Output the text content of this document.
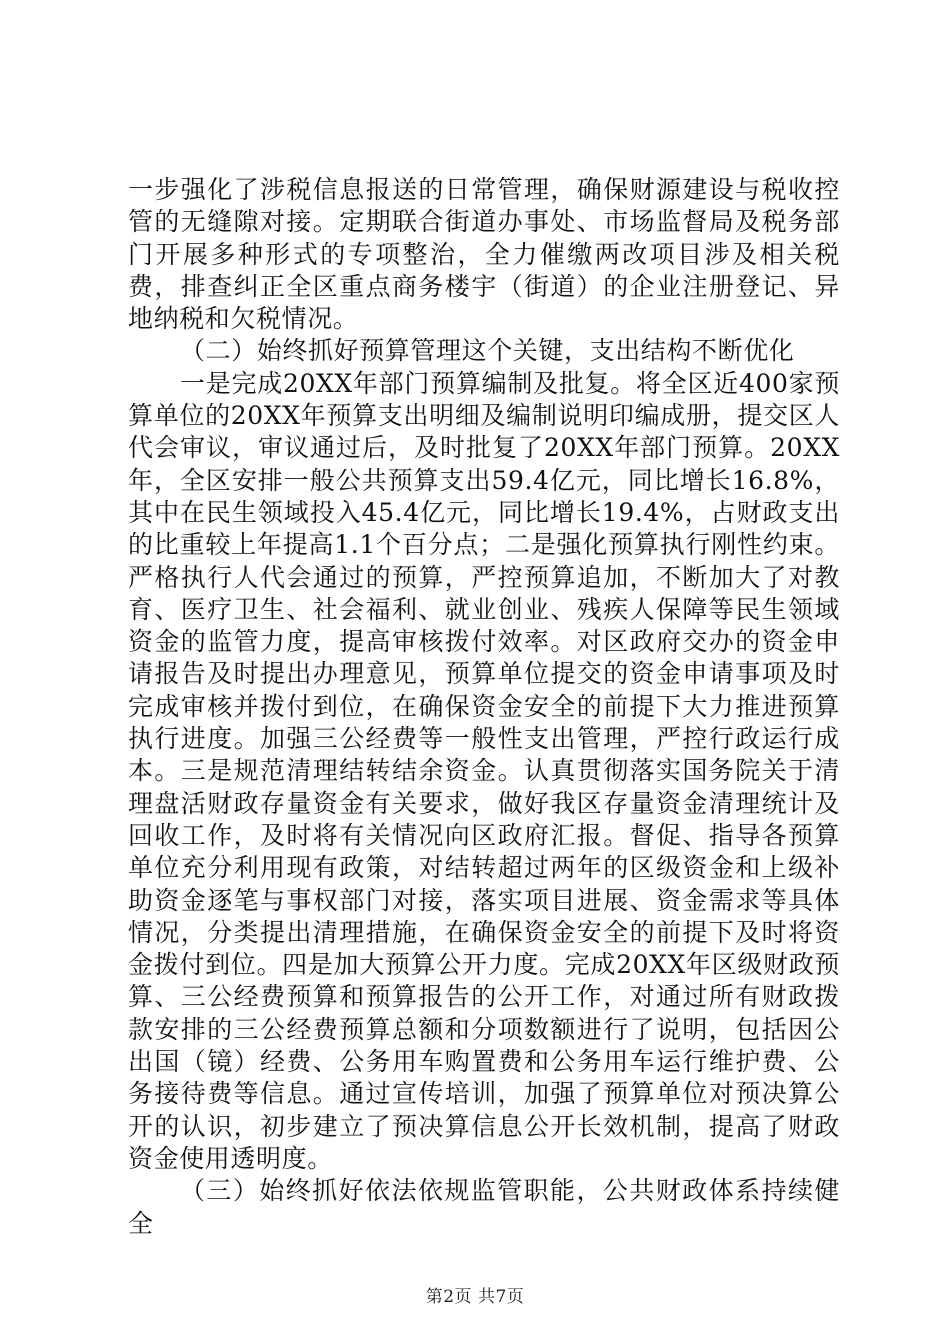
一步强化了涉税信息报送的日常管理，确保财源建设与税收控管的无缝隙对接。定期联合街道办事处、市场监督局及税务部门开展多种形式的专项整治，全力催缴两改项目涉及相关税费，排查纠正全区重点商务楼宇（街道）的企业注册登记、异地纳税和欠税情况。

（二）始终抓好预算管理这个关键，支出结构不断优化

一是完成20XX年部门预算编制及批复。将全区近400家预算单位的20XX年预算支出明细及编制说明印编成册，提交区人代会审议，审议通过后，及时批复了20XX年部门预算。20XX年，全区安排一般公共预算支出59.4亿元，同比增长16.8%，其中在民生领域投入45.4亿元，同比增长19.4%，占财政支出的比重较上年提高1.1个百分点；二是强化预算执行刚性约束。严格执行人代会通过的预算，严控预算追加，不断加大了对教育、医疗卫生、社会福利、就业创业、残疾人保障等民生领域资金的监管力度，提高审核拨付效率。对区政府交办的资金申请报告及时提出办理意见，预算单位提交的资金申请事项及时完成审核并拨付到位，在确保资金安全的前提下大力推进预算执行进度。加强三公经费等一般性支出管理，严控行政运行成本。三是规范清理结转结余资金。认真贯彻落实国务院关于清理盘活财政存量资金有关要求，做好我区存量资金清理统计及回收工作，及时将有关情况向区政府汇报。督促、指导各预算单位充分利用现有政策，对结转超过两年的区级资金和上级补助资金逐笔与事权部门对接，落实项目进展、资金需求等具体情况，分类提出清理措施，在确保资金安全的前提下及时将资金拨付到位。四是加大预算公开力度。完成20XX年区级财政预算、三公经费预算和预算报告的公开工作，对通过所有财政拨款安排的三公经费预算总额和分项数额进行了说明，包括因公出国（镜）经费、公务用车购置费和公务用车运行维护费、公务接待费等信息。通过宣传培训，加强了预算单位对预决算公开的认识，初步建立了预决算信息公开长效机制，提高了财政资金使用透明度。

（三）始终抓好依法依规监管职能，公共财政体系持续健全

第2页 共7页
